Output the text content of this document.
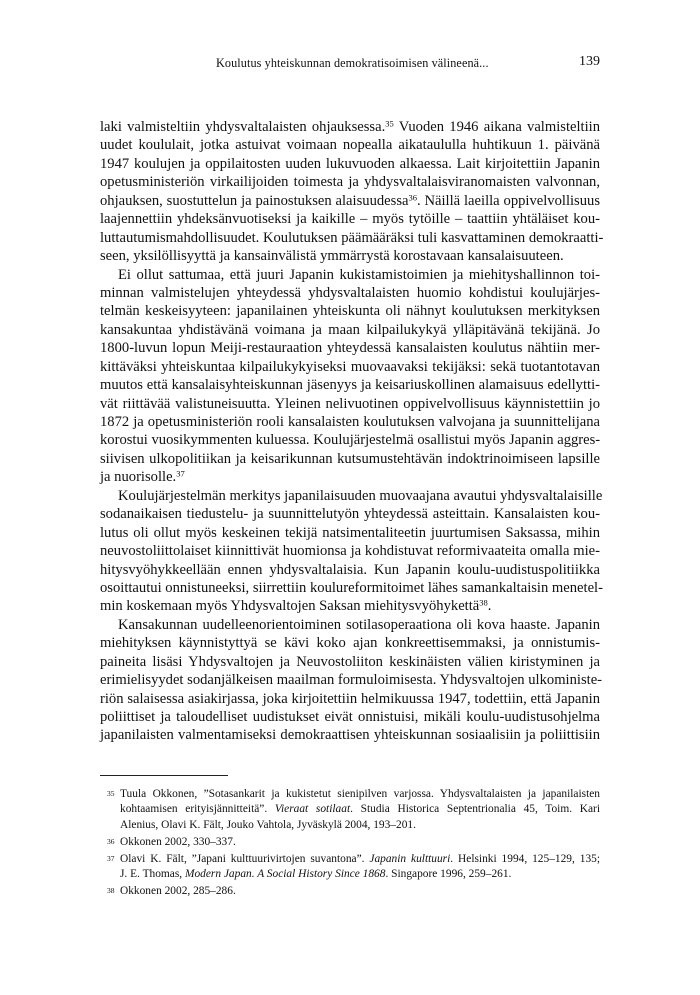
Koulutus yhteiskunnan demokratisoimisen välineenä...	139
laki valmisteltiin yhdysvaltalaisten ohjauksessa.$^{35}$ Vuoden 1946 aikana valmisteltiin
uudet koululait, jotka astuivat voimaan nopealla aikataululla huhtikuun 1. päivänä
1947 koulujen ja oppilaitosten uuden lukuvuoden alkaessa. Lait kirjoitettiin Japanin
opetusministeriön virkailijoiden toimesta ja yhdysvaltalaisviranomaisten valvonnan,
ohjauksen, suostuttelun ja painostuksen alaisuudessa$^{36}$. Näillä laeilla oppivelvollisuus
laajennettiin yhdeksänvuotiseksi ja kaikille – myös tytöille – taattiin yhtäläiset kou-
luttautumismahdollisuudet. Koulutuksen päämääräksi tuli kasvattaminen demokraatti-
seen, yksilöllisyyttä ja kansainvälistä ymmärrystä korostavaan kansalaisuuteen.
Ei ollut sattumaa, että juuri Japanin kukistamistoimien ja miehityshallinnon toi-
minnan valmistelujen yhteydessä yhdysvaltalaisten huomio kohdistui koulujärjes-
telmän keskeisyyteen: japanilainen yhteiskunta oli nähnyt koulutuksen merkityksen
kansakuntaa yhdistävänä voimana ja maan kilpailukykyä ylläpitävänä tekijänä. Jo
1800-luvun lopun Meiji-restauraation yhteydessä kansalaisten koulutus nähtiin mer-
kittäväksi yhteiskuntaa kilpailukykyiseksi muovaavaksi tekijäksi: sekä tuotantotavan
muutos että kansalaisyhteiskunnan jäsenyys ja keisariuskollinen alamaisuus edellytti-
vät riittävää valistuneisuutta. Yleinen nelivuotinen oppivelvollisuus käynnistettiin jo
1872 ja opetusministeriön rooli kansalaisten koulutuksen valvojana ja suunnittelijana
korostui vuosikymmenten kuluessa. Koulujärjestelmä osallistui myös Japanin aggres-
siivisen ulkopolitiikan ja keisarikunnan kutsumustehtävän indoktrinoimiseen lapsille
ja nuorisolle.$^{37}$
Koulujärjestelmän merkitys japanilaisuuden muovaajana avautui yhdysvaltalaisille
sodanaikaisen tiedustelu- ja suunnittelutyön yhteydessä asteittain. Kansalaisten kou-
lutus oli ollut myös keskeinen tekijä natsimentaliteetin juurtumisen Saksassa, mihin
neuvostoliittolaiset kiinnittivät huomionsa ja kohdistuvat reformivaateita omalla mie-
hitysvyöhykkeellään ennen yhdysvaltalaisia. Kun Japanin koulu-uudistuspolitiikka
osoittautui onnistuneeksi, siirrettiin koulureformitoimet lähes samankaltaisin menetel-
min koskemaan myös Yhdysvaltojen Saksan miehitysvyöhykettä$^{38}$.
Kansakunnan uudelleenorientoiminen sotilasoperaationa oli kova haaste. Japanin
miehityksen käynnistyttyä se kävi koko ajan konkreettisemmaksi, ja onnistumis-
paineita lisäsi Yhdysvaltojen ja Neuvostoliiton keskinäisten välien kiristyminen ja
erimielisyydet sodanjälkeisen maailman formuloimisesta. Yhdysvaltojen ulkoministe-
riön salaisessa asiakirjassa, joka kirjoitettiin helmikuussa 1947, todettiin, että Japanin
poliittiset ja taloudelliset uudistukset eivät onnistuisi, mikäli koulu-uudistusohjelma
japanilaisten valmentamiseksi demokraattisen yhteiskunnan sosiaalisiin ja poliittisiin
35 Tuula Okkonen, ”Sotasankarit ja kukistetut sienipilven varjossa. Yhdysvaltalaisten ja japanilaisten
kohtaamisen erityisjännitteitä”. Vieraat sotilaat. Studia Historica Septentrionalia 45, Toim. Kari
Alenius, Olavi K. Fält, Jouko Vahtola, Jyväskylä 2004, 193–201.
36 Okkonen 2002, 330–337.
37 Olavi K. Fält, ”Japani kulttuurivirtojen suvantona”. Japanin kulttuuri. Helsinki 1994, 125–129, 135;
J. E. Thomas, Modern Japan. A Social History Since 1868. Singapore 1996, 259–261.
38 Okkonen 2002, 285–286.
